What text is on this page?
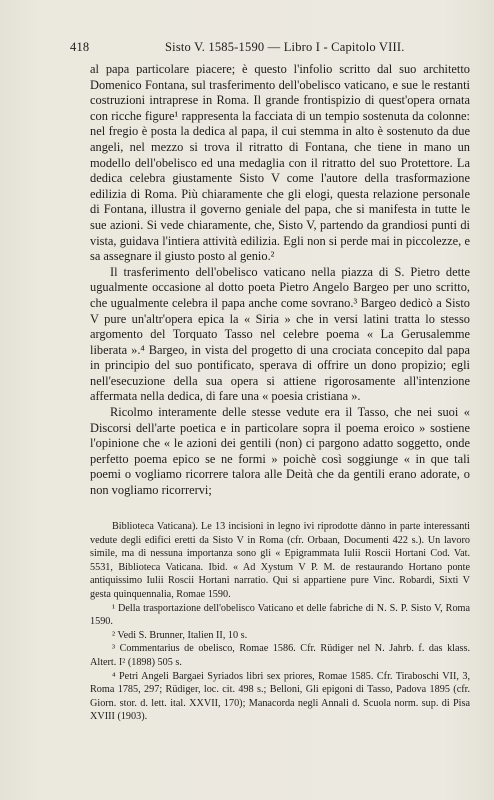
418	Sisto V. 1585-1590 — Libro I - Capitolo VIII.

al papa particolare piacere; è questo l'infolio scritto dal suo architetto Domenico Fontana, sul trasferimento dell'obelisco vaticano, e sue le restanti costruzioni intraprese in Roma. Il grande frontispizio di quest'opera ornata con ricche figure¹ rappresenta la facciata di un tempio sostenuta da colonne: nel fregio è posta la dedica al papa, il cui stemma in alto è sostenuto da due angeli, nel mezzo si trova il ritratto di Fontana, che tiene in mano un modello dell'obelisco ed una medaglia con il ritratto del suo Protettore. La dedica celebra giustamente Sisto V come l'autore della trasformazione edilizia di Roma. Più chiaramente che gli elogi, questa relazione personale di Fontana, illustra il governo geniale del papa, che si manifesta in tutte le sue azioni. Si vede chiaramente, che, Sisto V, partendo da grandiosi punti di vista, guidava l'intiera attività edilizia. Egli non si perde mai in piccolezze, e sa assegnare il giusto posto al genio.²

Il trasferimento dell'obelisco vaticano nella piazza di S. Pietro dette ugualmente occasione al dotto poeta Pietro Angelo Bargeo per uno scritto, che ugualmente celebra il papa anche come sovrano.³ Bargeo dedicò a Sisto V pure un'altr'opera epica la « Siria » che in versi latini tratta lo stesso argomento del Torquato Tasso nel celebre poema « La Gerusalemme liberata ».⁴ Bargeo, in vista del progetto di una crociata concepito dal papa in principio del suo pontificato, sperava di offrire un dono propizio; egli nell'esecuzione della sua opera si attiene rigorosamente all'intenzione affermata nella dedica, di fare una « poesia cristiana ».

Ricolmo interamente delle stesse vedute era il Tasso, che nei suoi « Discorsi dell'arte poetica e in particolare sopra il poema eroico » sostiene l'opinione che « le azioni dei gentili (non) ci pargono adatto soggetto, onde perfetto poema epico se ne formi » poichè così soggiunge « in que tali poemi o vogliamo ricorrere talora alle Deità che da gentili erano adorate, o non vogliamo ricorrervi;

Biblioteca Vaticana). Le 13 incisioni in legno ivi riprodotte dànno in parte interessanti vedute degli edifici eretti da Sisto V in Roma (cfr. Orbaan, Documenti 422 s.). Un lavoro simile, ma di nessuna importanza sono gli « Epigrammata Iulii Roscii Hortani Cod. Vat. 5531, Biblioteca Vaticana. Ibid. « Ad Xystum V P. M. de restaurando Hortano ponte antiquissimo Iulii Roscii Hortani narratio. Qui si appartiene pure Vinc. Robardi, Sixti V gesta quinquennalia, Romae 1590.

¹ Della trasportazione dell'obelisco Vaticano et delle fabriche di N. S. P. Sisto V, Roma 1590.

² Vedi S. Brunner, Italien II, 10 s.

³ Commentarius de obelisco, Romae 1586. Cfr. Rüdiger nel N. Jahrb. f. das klass. Altert. I² (1898) 505 s.

⁴ Petri Angeli Bargaei Syriados libri sex priores, Romae 1585. Cfr. Tiraboschi VII, 3, Roma 1785, 297; Rüdiger, loc. cit. 498 s.; Belloni, Gli epigoni di Tasso, Padova 1895 (cfr. Giorn. stor. d. lett. ital. XXVII, 170); Manacorda negli Annali d. Scuola norm. sup. di Pisa XVIII (1903).
